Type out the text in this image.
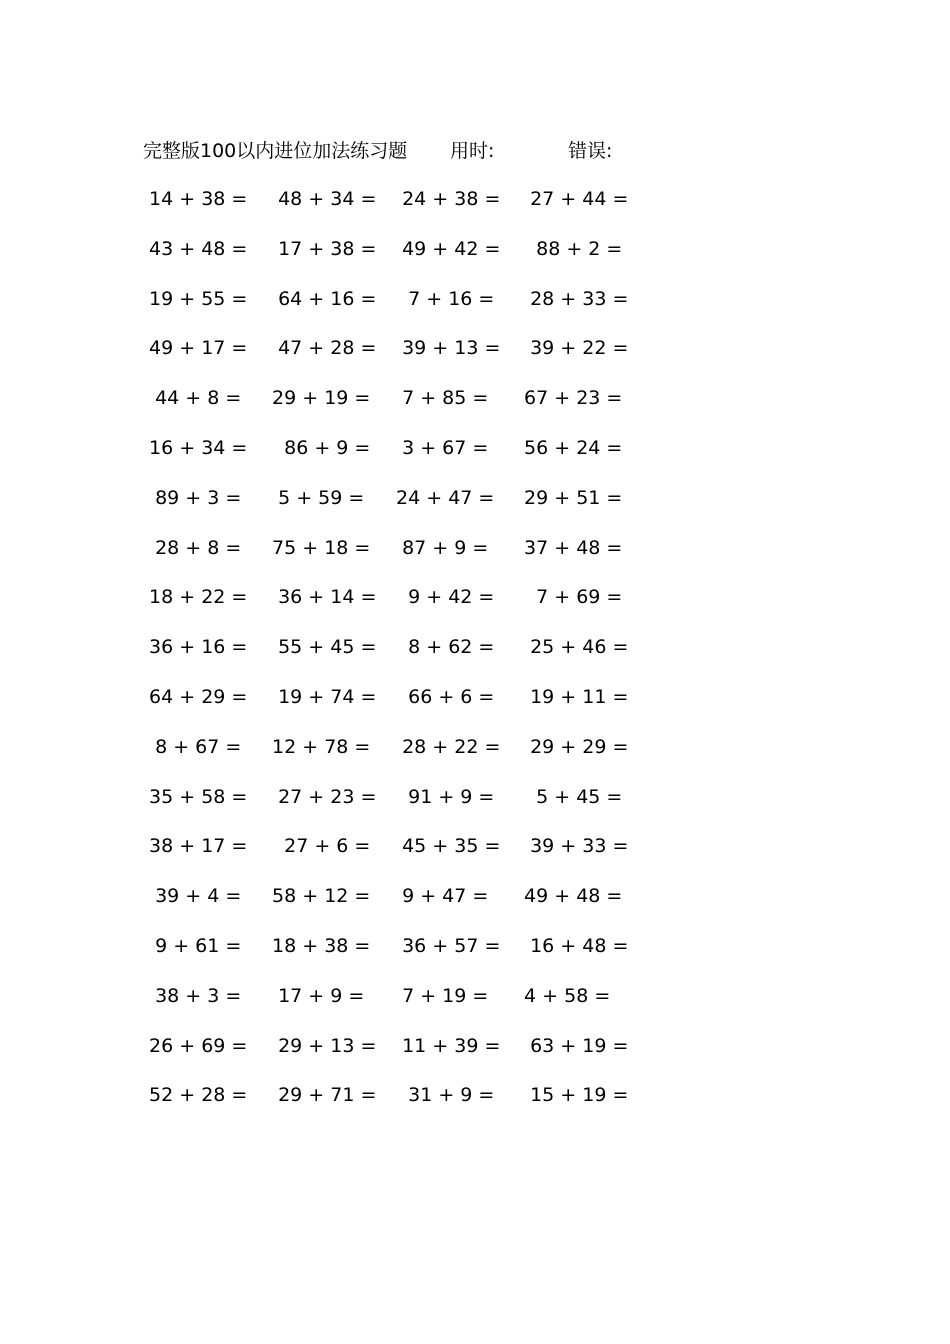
完整版100以内进位加法练习题 用时:	错误:
14 + 38 = 48 + 34 = 24 + 38 = 27 + 44 =
43 + 48 = 17 + 38 = 49 + 42 = 88 + 2 =
19 + 55 = 64 + 16 = 7 + 16 = 28 + 33 =
49 + 17 = 47 + 28 = 39 + 13 = 39 + 22 =
44 + 8 = 29 + 19 = 7 + 85 = 67 + 23 =
16 + 34 = 86 + 9 = 3 + 67 = 56 + 24 =
89 + 3 = 5 + 59 = 24 + 47 = 29 + 51 =
28 + 8 = 75 + 18 = 87 + 9 = 37 + 48 =
18 + 22 = 36 + 14 = 9 + 42 = 7 + 69 =
36 + 16 = 55 + 45 = 8 + 62 = 25 + 46 =
64 + 29 = 19 + 74 = 66 + 6 = 19 + 11 =
8 + 67 = 12 + 78 = 28 + 22 = 29 + 29 =
35 + 58 = 27 + 23 = 91 + 9 = 5 + 45 =
38 + 17 = 27 + 6 = 45 + 35 = 39 + 33 =
39 + 4 = 58 + 12 = 9 + 47 = 49 + 48 =
9 + 61 = 18 + 38 = 36 + 57 = 16 + 48 =
38 + 3 = 17 + 9 = 7 + 19 = 4 + 58 =
26 + 69 = 29 + 13 = 11 + 39 = 63 + 19 =
52 + 28 = 29 + 71 = 31 + 9 = 15 + 19 =
